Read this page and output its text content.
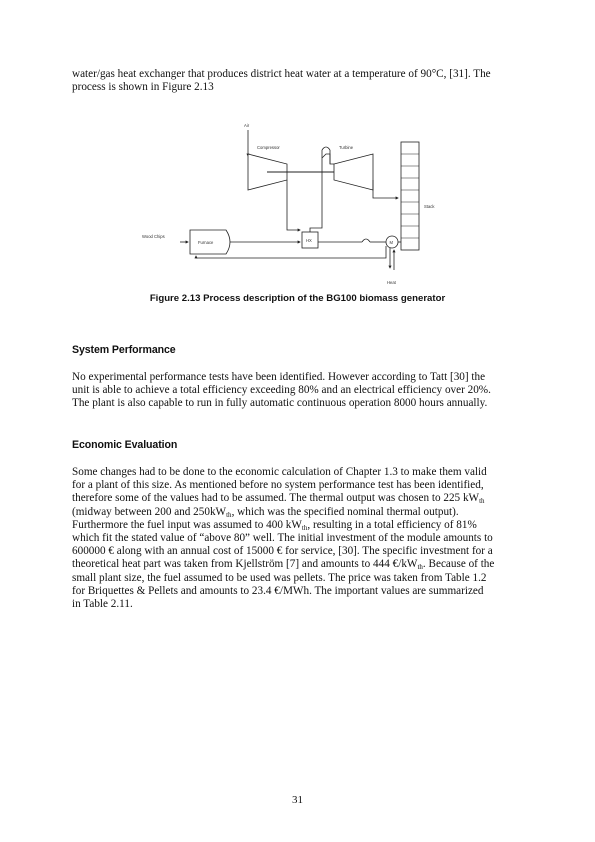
water/gas heat exchanger that produces district heat water at a temperature of 90°C, [31]. The
process is shown in Figure 2.13
Air
Compressor	Turbine
HX
Stack
Wood Chips
Furnace	M
Heat
Figure 2.13 Process description of the BG100 biomass generator
System Performance
No experimental performance tests have been identified. However according to Tatt [30] the
unit is able to achieve a total efficiency exceeding 80% and an electrical efficiency over 20%.
The plant is also capable to run in fully automatic continuous operation 8000 hours annually.
Economic Evaluation
Some changes had to be done to the economic calculation of Chapter 1.3 to make them valid
for a plant of this size. As mentioned before no system performance test has been identified,
therefore some of the values had to be assumed. The thermal output was chosen to 225 $kW_{th}$
(midway between 200 and $250kW_{th}$, which was the specified nominal thermal output).
Furthermore the fuel input was assumed to 400 $kW_{th}$, resulting in a total efficiency of 81%
which fit the stated value of “above 80” well. The initial investment of the module amounts to
600000 € along with an annual cost of 15000 € for service, [30]. The specific investment for a
theoretical heat part was taken from Kjellström [7] and amounts to 444 $€/kW_{th}$. Because of the
small plant size, the fuel assumed to be used was pellets. The price was taken from Table 1.2
for Briquettes & Pellets and amounts to 23.4 €/MWh. The important values are summarized
in Table 2.11.
31
